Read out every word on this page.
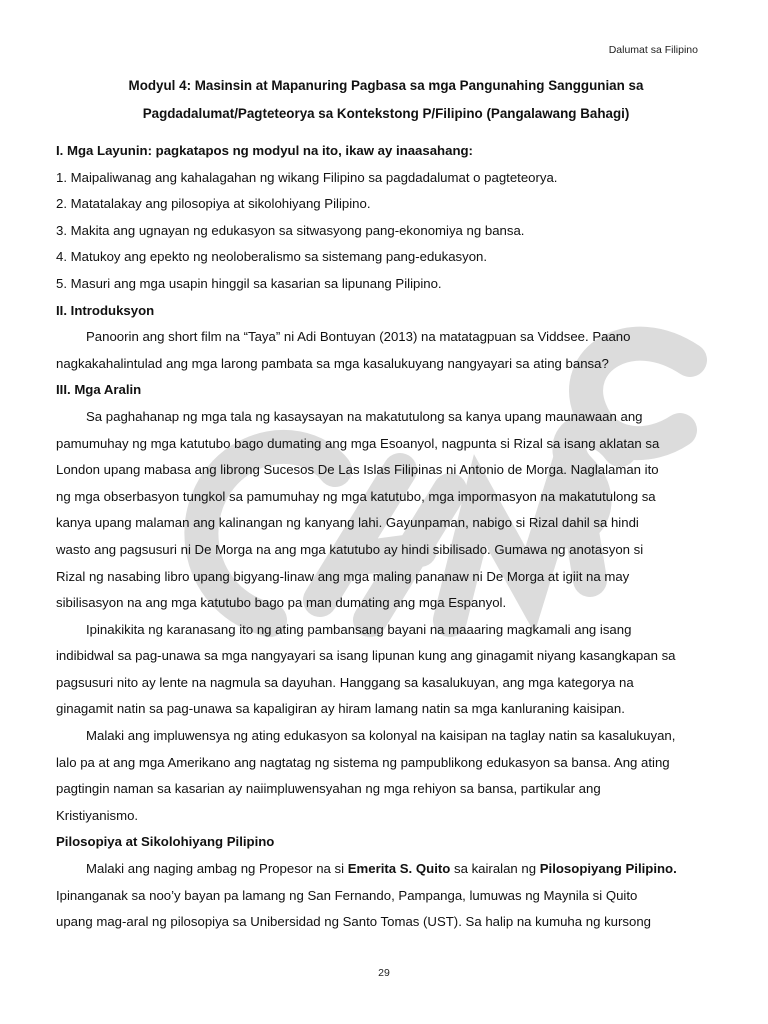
Dalumat sa Filipino
Modyul 4: Masinsin at Mapanuring Pagbasa sa mga Pangunahing Sanggunian sa
Pagdadalumat/Pagteteorya sa Kontekstong P/Filipino (Pangalawang Bahagi)
I. Mga Layunin: pagkatapos ng modyul na ito, ikaw ay inaasahang:
1. Maipaliwanag ang kahalagahan ng wikang Filipino sa pagdadalumat o pagteteorya.
2. Matatalakay ang pilosopiya at sikolohiyang Pilipino.
3. Makita ang ugnayan ng edukasyon sa sitwasyong pang-ekonomiya ng bansa.
4. Matukoy ang epekto ng neoloberalismo sa sistemang pang-edukasyon.
5. Masuri ang mga usapin hinggil sa kasarian sa lipunang Pilipino.
II. Introduksyon
Panoorin ang short film na “Taya” ni Adi Bontuyan (2013) na matatagpuan sa Viddsee. Paano
nagkakahalintulad ang mga larong pambata sa mga kasalukuyang nangyayari sa ating bansa?
III. Mga Aralin
Sa paghahanap ng mga tala ng kasaysayan na makatutulong sa kanya upang maunawaan ang
pamumuhay ng mga katutubo bago dumating ang mga Esoanyol, nagpunta si Rizal sa isang aklatan sa
London upang mabasa ang librong Sucesos De Las Islas Filipinas ni Antonio de Morga. Naglalaman ito
ng mga obserbasyon tungkol sa pamumuhay ng mga katutubo, mga impormasyon na makatutulong sa
kanya upang malaman ang kalinangan ng kanyang lahi. Gayunpaman, nabigo si Rizal dahil sa hindi
wasto ang pagsusuri ni De Morga na ang mga katutubo ay hindi sibilisado. Gumawa ng anotasyon si
Rizal ng nasabing libro upang bigyang-linaw ang mga maling pananaw ni De Morga at igiit na may
sibilisasyon na ang mga katutubo bago pa man dumating ang mga Espanyol.
Ipinakikita ng karanasang ito ng ating pambansang bayani na maaaring magkamali ang isang
indibidwal sa pag-unawa sa mga nangyayari sa isang lipunan kung ang ginagamit niyang kasangkapan sa
pagsusuri nito ay lente na nagmula sa dayuhan. Hanggang sa kasalukuyan, ang mga kategorya na
ginagamit natin sa pag-unawa sa kapaligiran ay hiram lamang natin sa mga kanluraning kaisipan.
Malaki ang impluwensya ng ating edukasyon sa kolonyal na kaisipan na taglay natin sa kasalukuyan,
lalo pa at ang mga Amerikano ang nagtatag ng sistema ng pampublikong edukasyon sa bansa. Ang ating
pagtingin naman sa kasarian ay naiimpluwensyahan ng mga rehiyon sa bansa, partikular ang
Kristiyanismo.
Pilosopiya at Sikolohiyang Pilipino
Malaki ang naging ambag ng Propesor na si Emerita S. Quito sa kairalan ng Pilosopiyang Pilipino.
Ipinanganak sa noo’y bayan pa lamang ng San Fernando, Pampanga, lumuwas ng Maynila si Quito
upang mag-aral ng pilosopiya sa Unibersidad ng Santo Tomas (UST). Sa halip na kumuha ng kursong
29
